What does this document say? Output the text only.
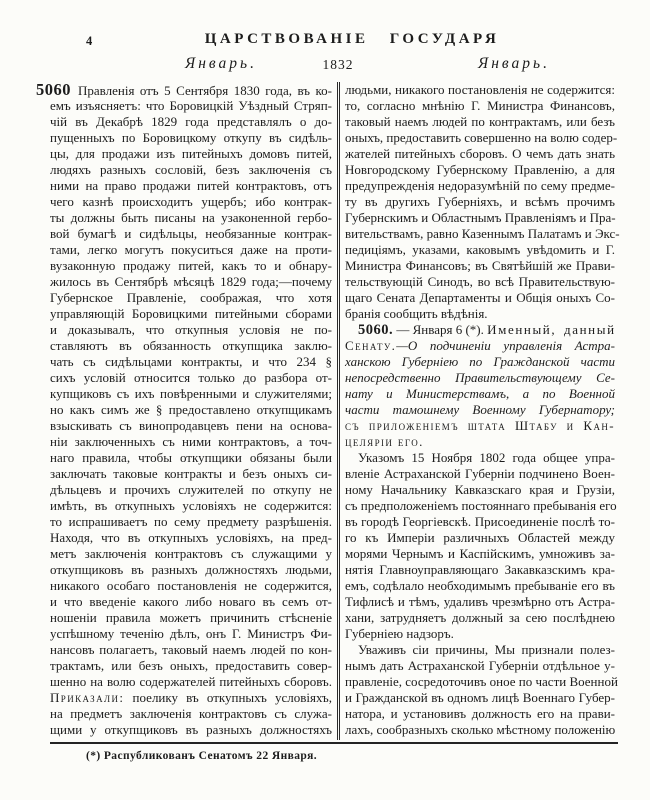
4	ЦАРСТВОВАНІЕ ГОСУДАРЯ
Январь.	1832	Январь.
5060 Правленія отъ 5 Сентября 1830 года, въ ко-
емъ изъясняетъ: что Боровицкій Уѣздный Стряп-
чій въ Декабрѣ 1829 года представлялъ о до-
пущенныхъ по Боровицкому откупу въ сидѣль-
цы, для продажи изъ питейныхъ домовъ питей,
людяхъ разныхъ сословій, безъ заключенія съ
ними на право продажи питей контрактовъ, отъ
чего казнѣ происходитъ ущербъ; ибо контрак-
ты должны быть писаны на узаконенной гербо-
вой бумагѣ и сидѣльцы, необязанные контрак-
тами, легко могутъ покуситься даже на проти-
вузаконную продажу питей, какъ то и обнару-
жилось въ Сентябрѣ мѣсяцѣ 1829 года;—почему
Губернское Правленіе, соображая, что хотя
управляющій Боровицкими питейными сборами
и доказывалъ, что откупныя условія не по-
ставляютъ въ обязанность откупщика заклю-
чать съ сидѣльцами контракты, и что 234 §
сихъ условій относится только до разбора от-
купщиковъ съ ихъ повѣренными и служителями;
но какъ симъ же § предоставлено откупщикамъ
взыскивать съ винопродавцевъ пени на основа-
ніи заключенныхъ съ ними контрактовъ, а точ-
наго правила, чтобы откупщики обязаны были
заключать таковые контракты и безъ оныхъ си-
дѣльцевъ и прочихъ служителей по откупу не
имѣть, въ откупныхъ условіяхъ не содержится:
то испрашиваетъ по сему предмету разрѣшенія.
Находя, что въ откупныхъ условіяхъ, на пред-
метъ заключенія контрактовъ съ служащими у
откупщиковъ въ разныхъ должностяхъ людьми,
никакого особаго постановленія не содержится,
и что введеніе какого либо новаго въ семъ от-
ношеніи правила можетъ причинить стѣсненіе
успѣшному теченію дѣлъ, онъ Г. Министръ Фи-
нансовъ полагаетъ, таковый наемъ людей по кон-
трактамъ, или безъ оныхъ, предоставить совер-
шенно на волю содержателей питейныхъ сборовъ.
Приказали: поелику въ откупныхъ условіяхъ,
на предметъ заключенія контрактовъ съ служа-
щими у откупщиковъ въ разныхъ должностяхъ
людьми, никакого постановленія не содержится:
то, согласно мнѣнію Г. Министра Финансовъ,
таковый наемъ людей по контрактамъ, или безъ
оныхъ, предоставить совершенно на волю содер-
жателей питейныхъ сборовъ. О чемъ дать знать
Новгородскому Губернскому Правленію, а для
предупрежденія недоразумѣній по сему предме-
ту въ другихъ Губерніяхъ, и всѣмъ прочимъ
Губернскимъ и Областнымъ Правленіямъ и Пра-
вительствамъ, равно Казеннымъ Палатамъ и Экс-
педиціямъ, указами, каковымъ увѣдомить и Г.
Министра Финансовъ; въ Святѣйшій же Прави-
тельствующій Синодъ, во всѣ Правительствую-
щаго Сената Департаменты и Общія оныхъ Со-
бранія сообщить вѣдѣнія.
5060. — Января 6 (*). Именный, данный
Сенату.—О подчиненіи управленія Астра-
ханскою Губерніею по Гражданской части
непосредственно Правительствующему Се-
нату и Министерствамъ, а по Военной
части тамошнему Военному Губернатору;
съ приложеніемъ штата Штабу и Кан-
целяріи его.
Указомъ 15 Ноября 1802 года общее упра-
вленіе Астраханской Губерніи подчинено Воен-
ному Начальнику Кавказскаго края и Грузіи,
съ предположеніемъ постояннаго пребыванія его
въ городѣ Георгіевскѣ. Присоединеніе послѣ то-
го къ Имперіи различныхъ Областей между
морями Чернымъ и Каспійскимъ, умноживъ за-
нятія Главноуправляющаго Закавказскимъ кра-
емъ, содѣлало необходимымъ пребываніе его въ
Тифлисѣ и тѣмъ, удаливъ чрезмѣрно отъ Астра-
хани, затрудняетъ должный за сею послѣднею
Губерніею надзоръ.
Уваживъ сіи причины, Мы признали полез-
нымъ дать Астраханской Губерніи отдѣльное у-
правленіе, сосредоточивъ оное по части Военной
и Гражданской въ одномъ лицѣ Военнаго Губер-
натора, и установивъ должность его на прави-
лахъ, сообразныхъ сколько мѣстному положенію
(*) Распубликованъ Сенатомъ 22 Января.
